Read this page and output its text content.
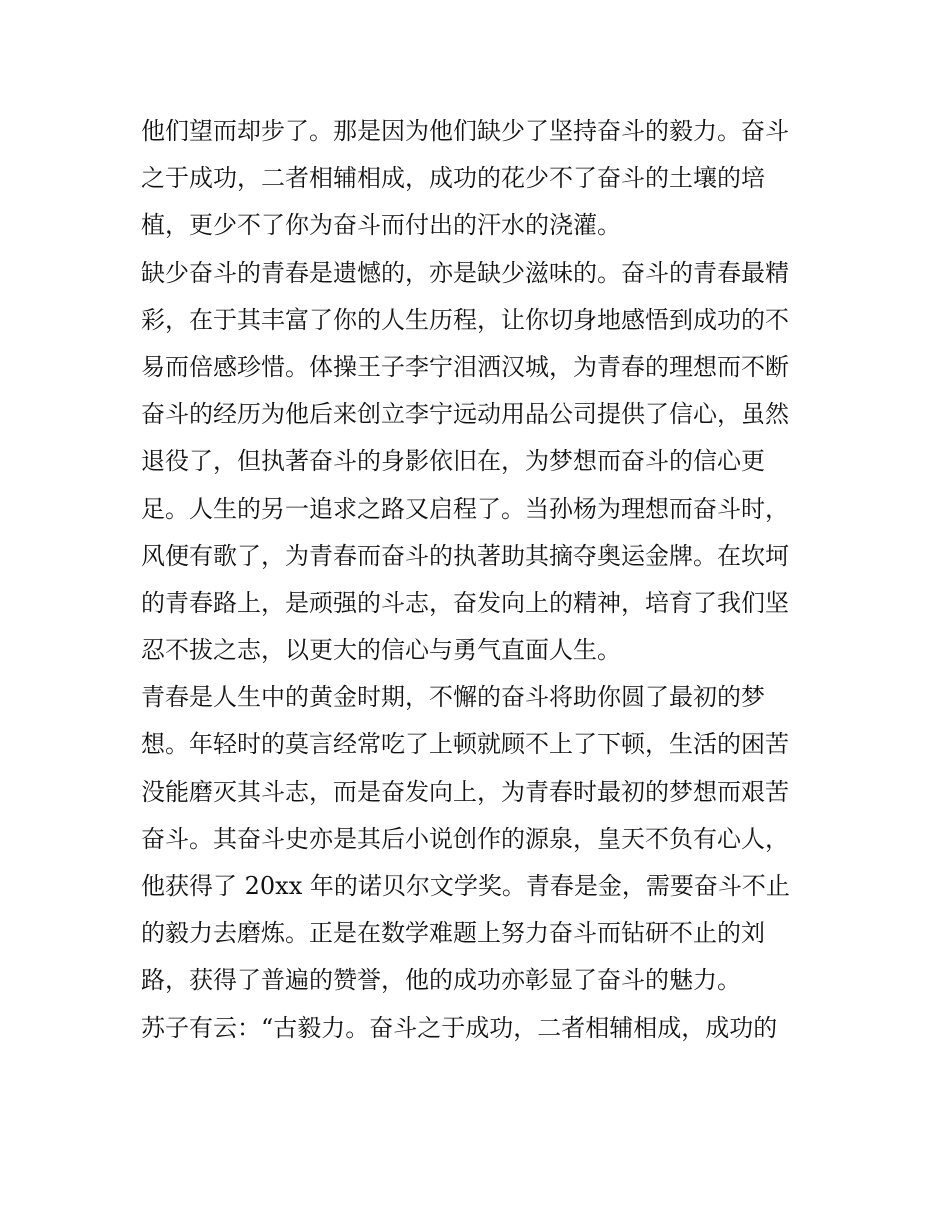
他们望而却步了。那是因为他们缺少了坚持奋斗的毅力。奋斗
之于成功，二者相辅相成，成功的花少不了奋斗的土壤的培
植，更少不了你为奋斗而付出的汗水的浇灌。
缺少奋斗的青春是遗憾的，亦是缺少滋味的。奋斗的青春最精
彩，在于其丰富了你的人生历程，让你切身地感悟到成功的不
易而倍感珍惜。体操王子李宁泪洒汉城，为青春的理想而不断
奋斗的经历为他后来创立李宁远动用品公司提供了信心，虽然
退役了，但执著奋斗的身影依旧在，为梦想而奋斗的信心更
足。人生的另一追求之路又启程了。当孙杨为理想而奋斗时，
风便有歌了，为青春而奋斗的执著助其摘夺奥运金牌。在坎坷
的青春路上，是顽强的斗志，奋发向上的精神，培育了我们坚
忍不拔之志，以更大的信心与勇气直面人生。
青春是人生中的黄金时期，不懈的奋斗将助你圆了最初的梦
想。年轻时的莫言经常吃了上顿就顾不上了下顿，生活的困苦
没能磨灭其斗志，而是奋发向上，为青春时最初的梦想而艰苦
奋斗。其奋斗史亦是其后小说创作的源泉，皇天不负有心人，
他获得了 20xx 年的诺贝尔文学奖。青春是金，需要奋斗不止
的毅力去磨炼。正是在数学难题上努力奋斗而钻研不止的刘
路，获得了普遍的赞誉，他的成功亦彰显了奋斗的魅力。
苏子有云：“古毅力。奋斗之于成功，二者相辅相成，成功的
